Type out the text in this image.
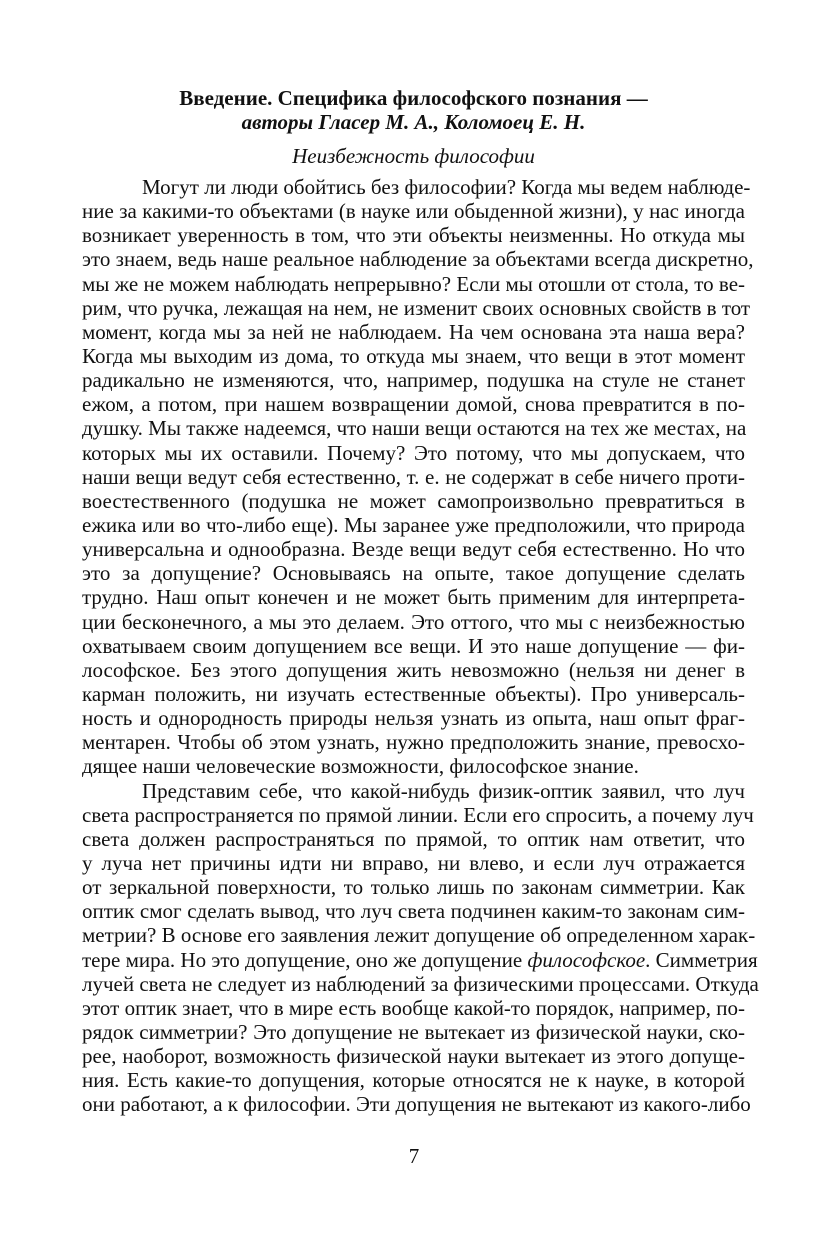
Введение. Специфика философского познания —
авторы Гласер М. А., Коломоец Е. Н.
Неизбежность философии
Могут ли люди обойтись без философии? Когда мы ведем наблюде-
ние за какими-то объектами (в науке или обыденной жизни), у нас иногда
возникает уверенность в том, что эти объекты неизменны. Но откуда мы
это знаем, ведь наше реальное наблюдение за объектами всегда дискретно,
мы же не можем наблюдать непрерывно? Если мы отошли от стола, то ве-
рим, что ручка, лежащая на нем, не изменит своих основных свойств в тот
момент, когда мы за ней не наблюдаем. На чем основана эта наша вера?
Когда мы выходим из дома, то откуда мы знаем, что вещи в этот момент
радикально не изменяются, что, например, подушка на стуле не станет
ежом, а потом, при нашем возвращении домой, снова превратится в по-
душку. Мы также надеемся, что наши вещи остаются на тех же местах, на
которых мы их оставили. Почему? Это потому, что мы допускаем, что
наши вещи ведут себя естественно, т. е. не содержат в себе ничего проти-
воестественного (подушка не может самопроизвольно превратиться в
ежика или во что-либо еще). Мы заранее уже предположили, что природа
универсальна и однообразна. Везде вещи ведут себя естественно. Но что
это за допущение? Основываясь на опыте, такое допущение сделать
трудно. Наш опыт конечен и не может быть применим для интерпрета-
ции бесконечного, а мы это делаем. Это оттого, что мы с неизбежностью
охватываем своим допущением все вещи. И это наше допущение — фи-
лософское. Без этого допущения жить невозможно (нельзя ни денег в
карман положить, ни изучать естественные объекты). Про универсаль-
ность и однородность природы нельзя узнать из опыта, наш опыт фраг-
ментарен. Чтобы об этом узнать, нужно предположить знание, превосхо-
дящее наши человеческие возможности, философское знание.
Представим себе, что какой-нибудь физик-оптик заявил, что луч
света распространяется по прямой линии. Если его спросить, а почему луч
света должен распространяться по прямой, то оптик нам ответит, что
у луча нет причины идти ни вправо, ни влево, и если луч отражается
от зеркальной поверхности, то только лишь по законам симметрии. Как
оптик смог сделать вывод, что луч света подчинен каким-то законам сим-
метрии? В основе его заявления лежит допущение об определенном харак-
тере мира. Но это допущение, оно же допущение философское. Симметрия
лучей света не следует из наблюдений за физическими процессами. Откуда
этот оптик знает, что в мире есть вообще какой-то порядок, например, по-
рядок симметрии? Это допущение не вытекает из физической науки, ско-
рее, наоборот, возможность физической науки вытекает из этого допуще-
ния. Есть какие-то допущения, которые относятся не к науке, в которой
они работают, а к философии. Эти допущения не вытекают из какого-либо
7
